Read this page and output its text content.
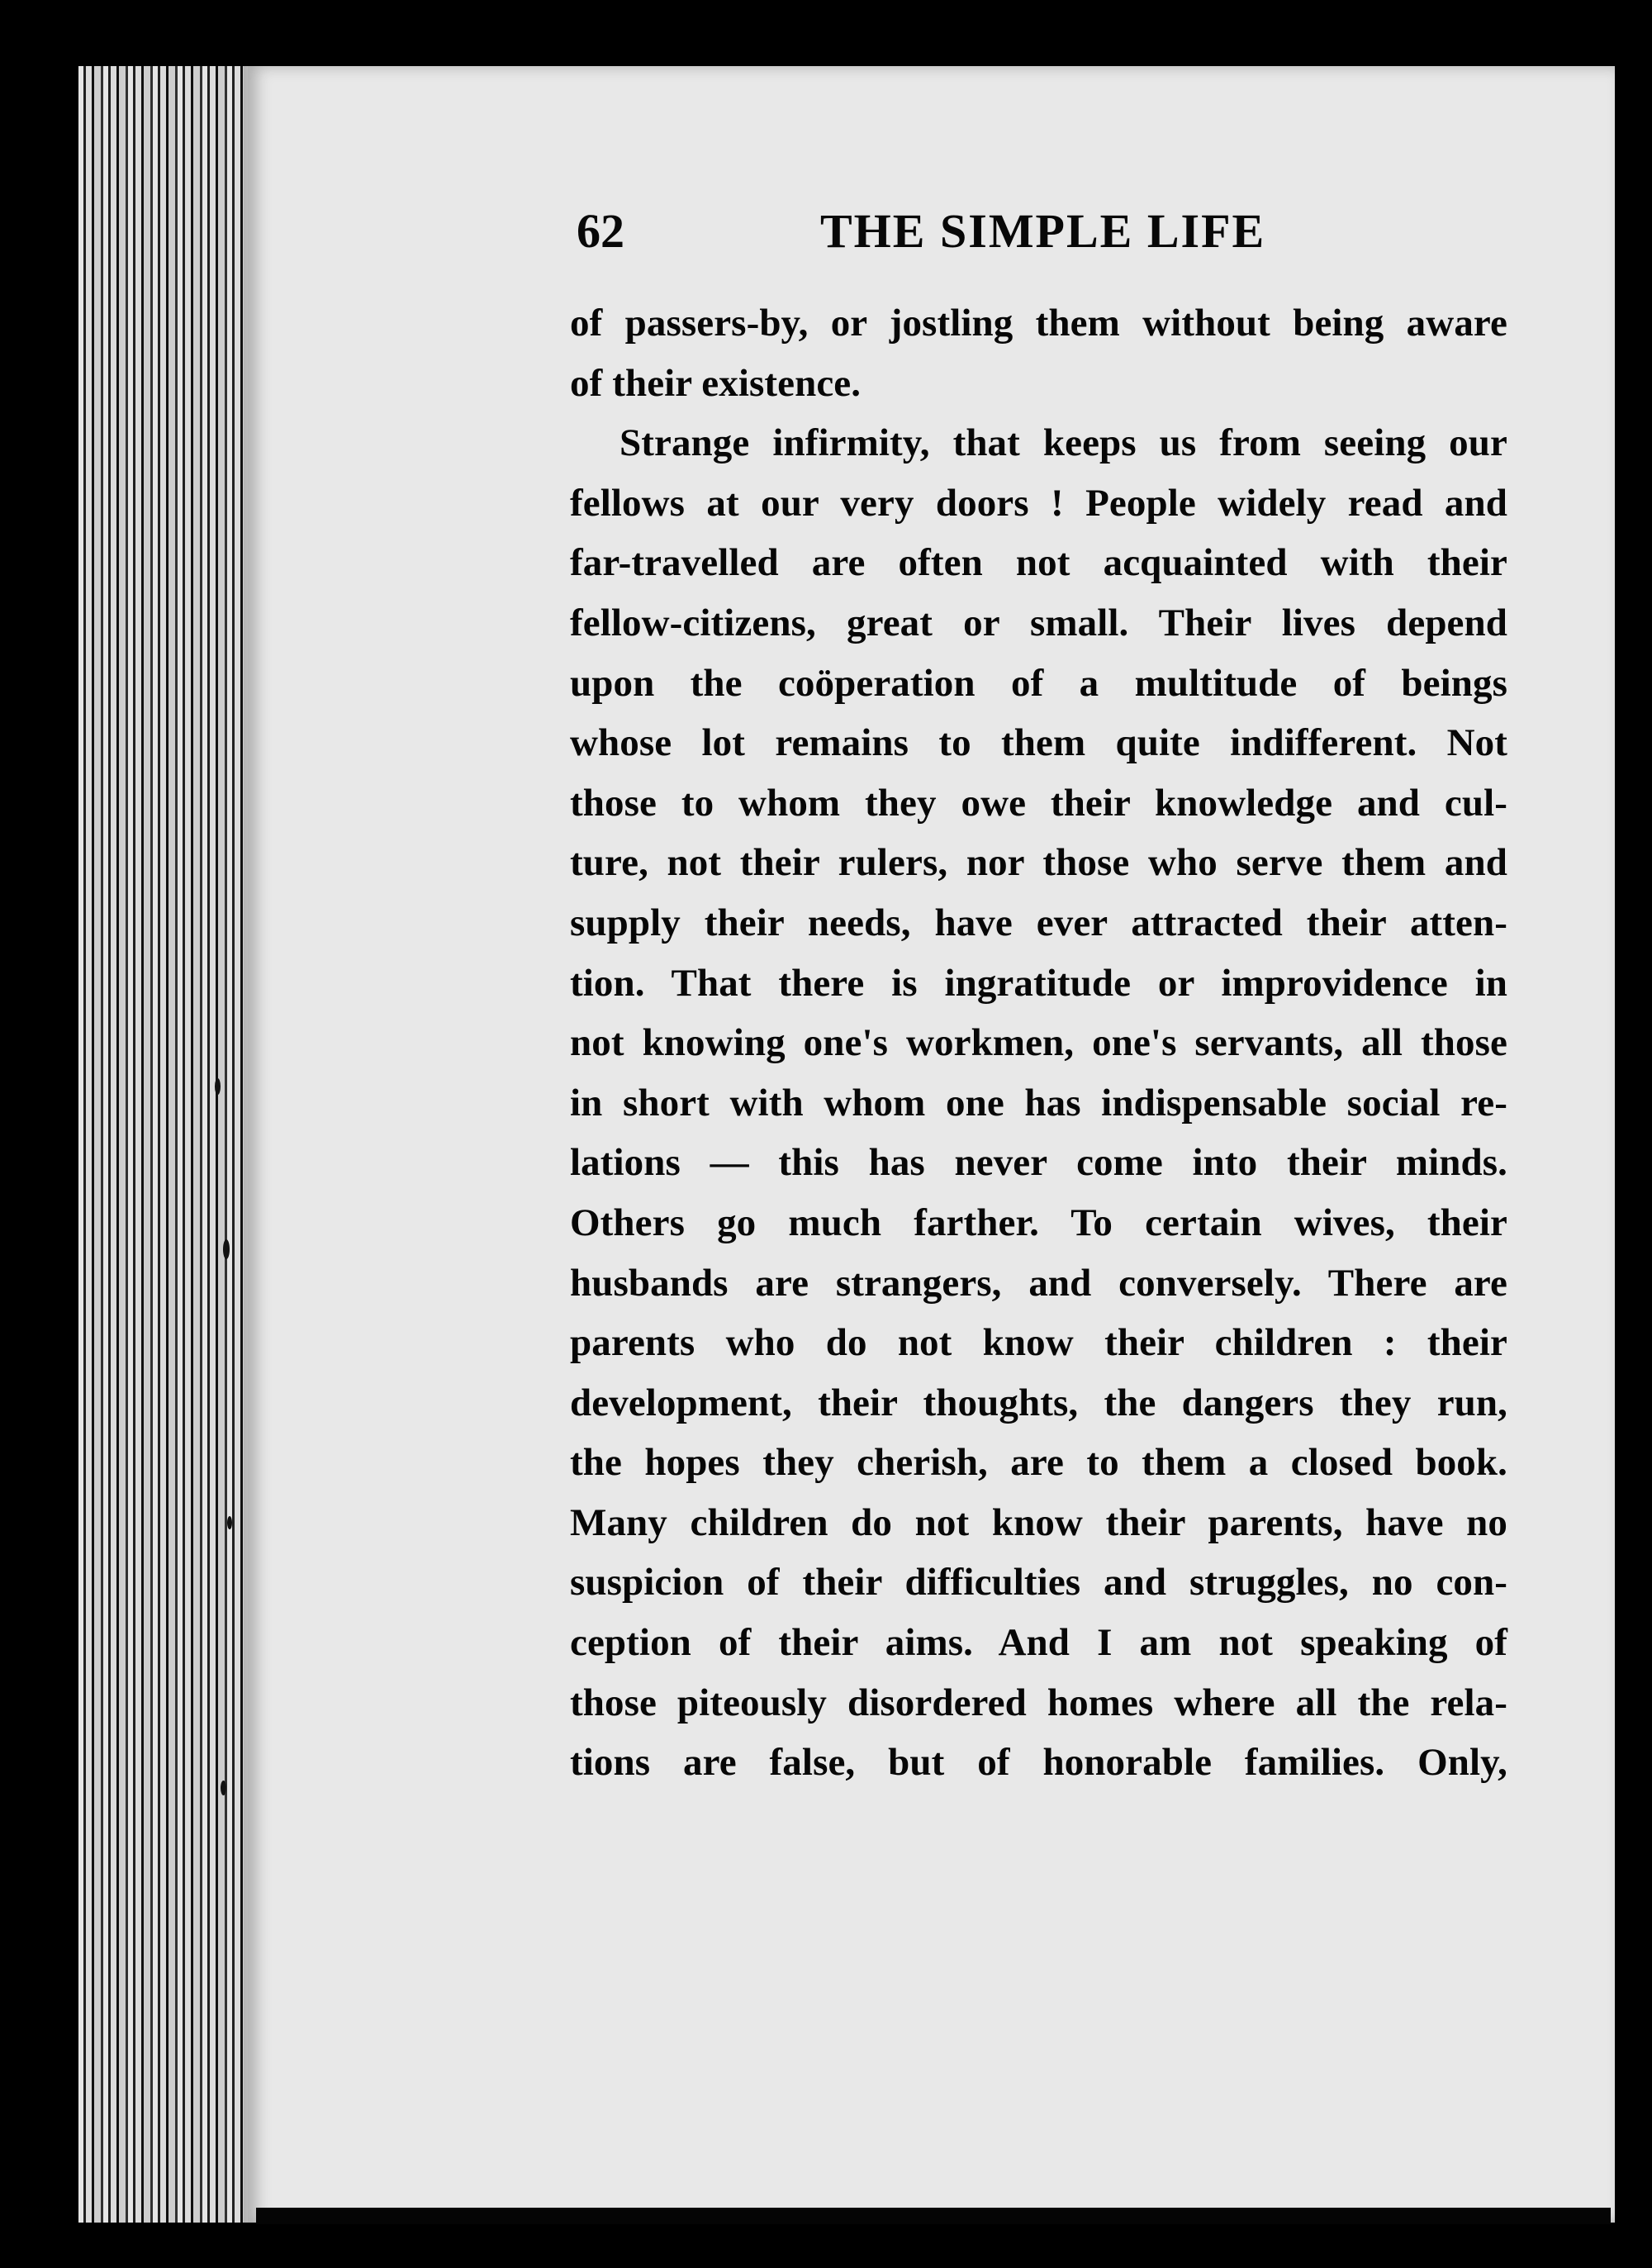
62	THE SIMPLE LIFE
of passers-by, or jostling them without being aware
of their existence.
Strange infirmity, that keeps us from seeing our
fellows at our very doors ! People widely read and
far-travelled are often not acquainted with their
fellow-citizens, great or small. Their lives depend
upon the coöperation of a multitude of beings
whose lot remains to them quite indifferent. Not
those to whom they owe their knowledge and cul-
ture, not their rulers, nor those who serve them and
supply their needs, have ever attracted their atten-
tion. That there is ingratitude or improvidence in
not knowing one's workmen, one's servants, all those
in short with whom one has indispensable social re-
lations — this has never come into their minds.
Others go much farther. To certain wives, their
husbands are strangers, and conversely. There are
parents who do not know their children : their
development, their thoughts, the dangers they run,
the hopes they cherish, are to them a closed book.
Many children do not know their parents, have no
suspicion of their difficulties and struggles, no con-
ception of their aims. And I am not speaking of
those piteously disordered homes where all the rela-
tions are false, but of honorable families. Only,
